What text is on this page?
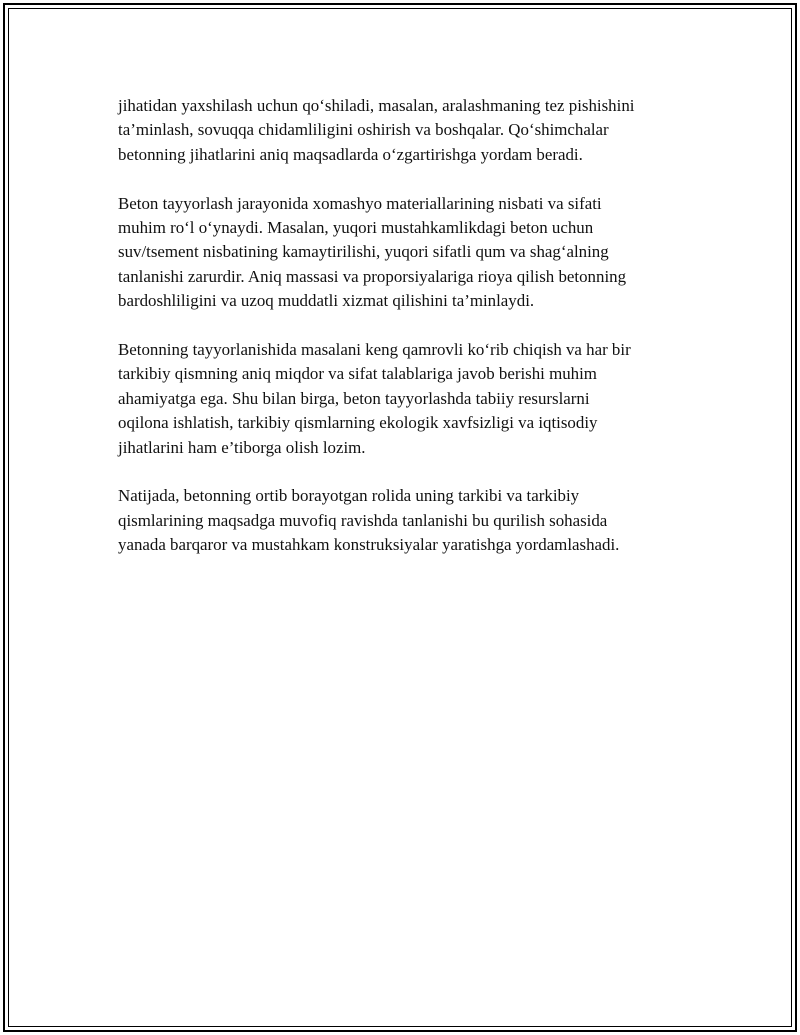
jihatidan yaxshilash uchun qo‘shiladi, masalan, aralashmaning tez pishishini
ta’minlash, sovuqqa chidamliligini oshirish va boshqalar. Qo‘shimchalar
betonning jihatlarini aniq maqsadlarda o‘zgartirishga yordam beradi.

Beton tayyorlash jarayonida xomashyo materiallarining nisbati va sifati
muhim ro‘l o‘ynaydi. Masalan, yuqori mustahkamlikdagi beton uchun
suv/tsement nisbatining kamaytirilishi, yuqori sifatli qum va shag‘alning
tanlanishi zarurdir. Aniq massasi va proporsiyalariga rioya qilish betonning
bardoshliligini va uzoq muddatli xizmat qilishini ta’minlaydi.

Betonning tayyorlanishida masalani keng qamrovli ko‘rib chiqish va har bir
tarkibiy qismning aniq miqdor va sifat talablariga javob berishi muhim
ahamiyatga ega. Shu bilan birga, beton tayyorlashda tabiiy resurslarni
oqilona ishlatish, tarkibiy qismlarning ekologik xavfsizligi va iqtisodiy
jihatlarini ham e’tiborga olish lozim.

Natijada, betonning ortib borayotgan rolida uning tarkibi va tarkibiy
qismlarining maqsadga muvofiq ravishda tanlanishi bu qurilish sohasida
yanada barqaror va mustahkam konstruksiyalar yaratishga yordamlashadi.
